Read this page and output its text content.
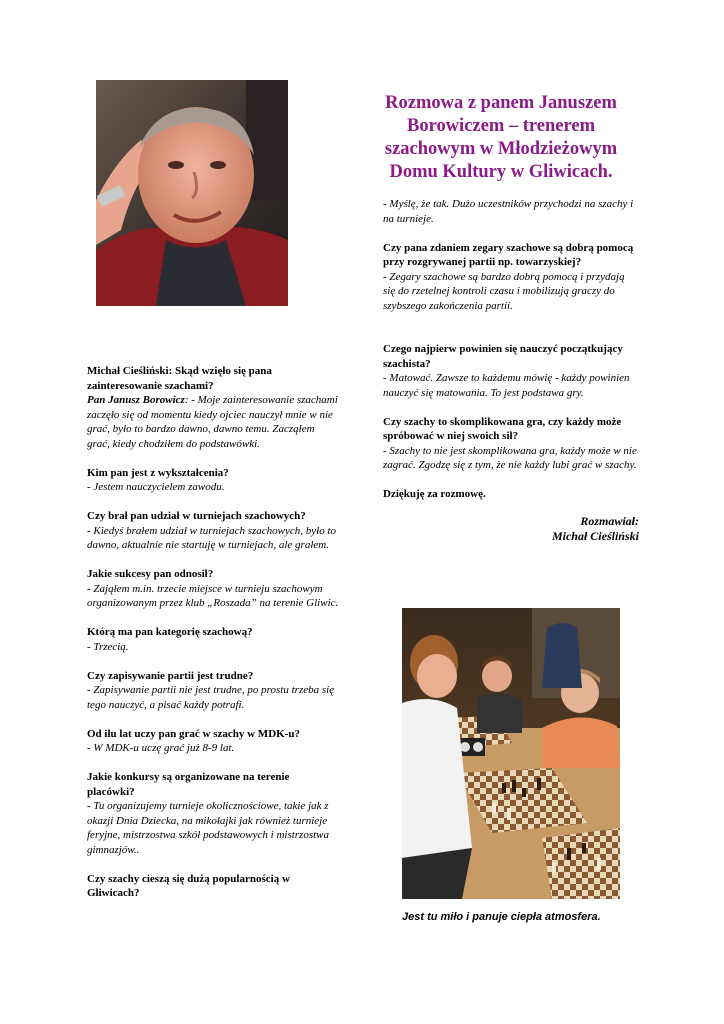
Rozmowa z panem Januszem Borowiczem – trenerem szachowym w Młodzieżowym Domu Kultury w Gliwicach.
Michał Cieśliński: Skąd wzięło się pana zainteresowanie szachami?
Pan Janusz Borowicz: - Moje zainteresowanie szachami zaczęło się od momentu kiedy ojciec nauczył mnie w nie grać, było to bardzo dawno, dawno temu. Zacząłem grać, kiedy chodziłem do podstawówki.
Kim pan jest z wykształcenia?
- Jestem nauczycielem zawodu.
Czy brał pan udział w turniejach szachowych?
- Kiedyś brałem udział w turniejach szachowych, było to dawno, aktualnie nie startuję w turniejach, ale grałem.
Jakie sukcesy pan odnosił?
- Zająłem m.in. trzecie miejsce w turnieju szachowym organizowanym przez klub „Roszada” na terenie Gliwic.
Którą ma pan kategorię szachową?
- Trzecią.
Czy zapisywanie partii jest trudne?
- Zapisywanie partii nie jest trudne, po prostu trzeba się tego nauczyć, a pisać każdy potrafi.
Od ilu lat uczy pan grać w szachy w MDK-u?
- W MDK-u uczę grać już 8-9 lat.
Jakie konkursy są organizowane na terenie placówki?
- Tu organizujemy turnieje okolicznościowe, takie jak z okazji Dnia Dziecka, na mikołajki jak również turnieje feryjne, mistrzostwa szkół podstawowych i mistrzostwa gimnazjów..
Czy szachy cieszą się dużą popularnością w Gliwicach?
- Myślę, że tak. Dużo uczestników przychodzi na szachy i na turnieje.
Czy pana zdaniem zegary szachowe są dobrą pomocą przy rozgrywanej partii np. towarzyskiej?
- Zegary szachowe są bardzo dobrą pomocą i przydają się do rzetelnej kontroli czasu i mobilizują graczy do szybszego zakończenia partii.
Czego najpierw powinien się nauczyć początkujący szachista?
- Matować. Zawsze to każdemu mówię - każdy powinien nauczyć się matowania. To jest podstawa gry.
Czy szachy to skomplikowana gra, czy każdy może spróbować w niej swoich sił?
- Szachy to nie jest skomplikowana gra, każdy może w nie zagrać. Zgodzę się z tym, że nie każdy lubi grać w szachy.
Dziękuję za rozmowę.
Rozmawiał:
Michał Cieśliński
Jest tu miło i panuje ciepła atmosfera.
